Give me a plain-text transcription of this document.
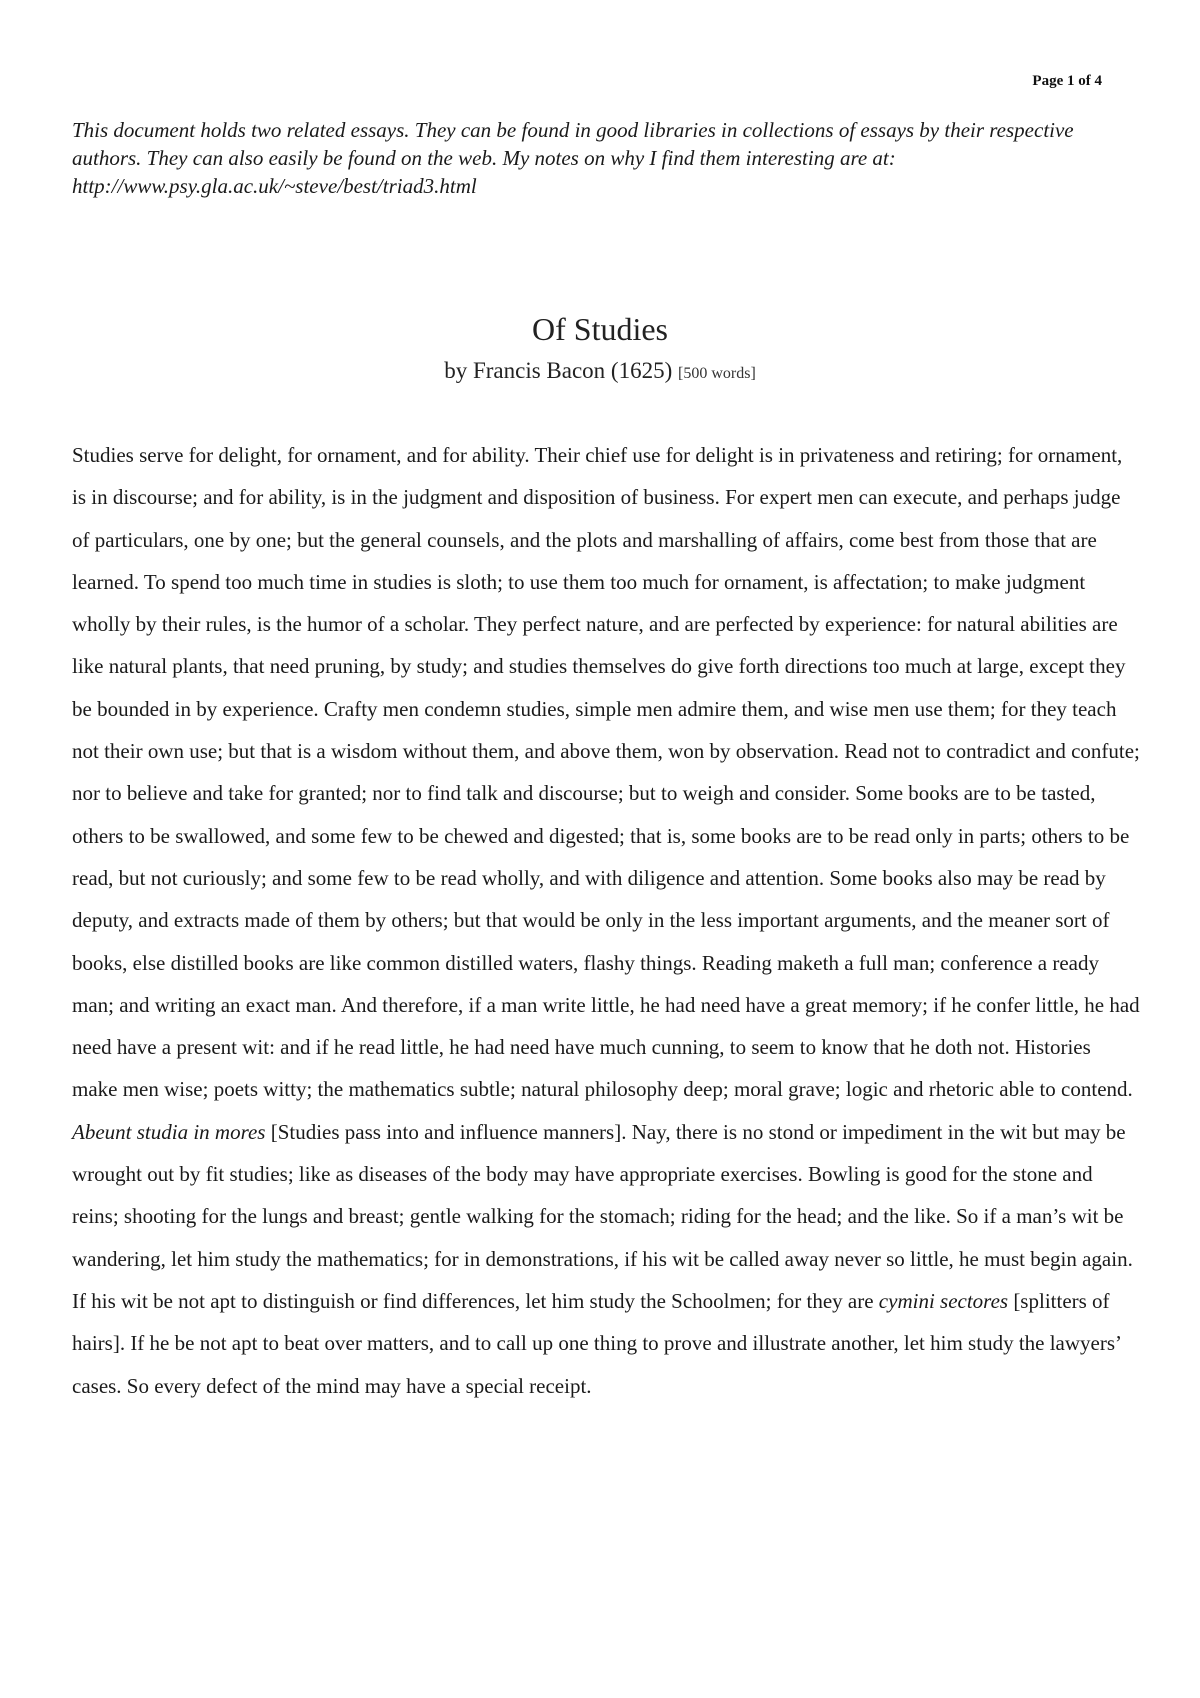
Page 1 of 4

This document holds two related essays. They can be found in good libraries in collections of essays by their respective authors. They can also easily be found on the web. My notes on why I find them interesting are at: http://www.psy.gla.ac.uk/~steve/best/triad3.html

Of Studies

by Francis Bacon (1625) [500 words]

Studies serve for delight, for ornament, and for ability. Their chief use for delight is in privateness and retiring; for ornament, is in discourse; and for ability, is in the judgment and disposition of business. For expert men can execute, and perhaps judge of particulars, one by one; but the general counsels, and the plots and marshalling of affairs, come best from those that are learned. To spend too much time in studies is sloth; to use them too much for ornament, is affectation; to make judgment wholly by their rules, is the humor of a scholar. They perfect nature, and are perfected by experience: for natural abilities are like natural plants, that need pruning, by study; and studies themselves do give forth directions too much at large, except they be bounded in by experience. Crafty men condemn studies, simple men admire them, and wise men use them; for they teach not their own use; but that is a wisdom without them, and above them, won by observation. Read not to contradict and confute; nor to believe and take for granted; nor to find talk and discourse; but to weigh and consider. Some books are to be tasted, others to be swallowed, and some few to be chewed and digested; that is, some books are to be read only in parts; others to be read, but not curiously; and some few to be read wholly, and with diligence and attention. Some books also may be read by deputy, and extracts made of them by others; but that would be only in the less important arguments, and the meaner sort of books, else distilled books are like common distilled waters, flashy things. Reading maketh a full man; conference a ready man; and writing an exact man. And therefore, if a man write little, he had need have a great memory; if he confer little, he had need have a present wit: and if he read little, he had need have much cunning, to seem to know that he doth not. Histories make men wise; poets witty; the mathematics subtle; natural philosophy deep; moral grave; logic and rhetoric able to contend. Abeunt studia in mores [Studies pass into and influence manners]. Nay, there is no stond or impediment in the wit but may be wrought out by fit studies; like as diseases of the body may have appropriate exercises. Bowling is good for the stone and reins; shooting for the lungs and breast; gentle walking for the stomach; riding for the head; and the like. So if a man’s wit be wandering, let him study the mathematics; for in demonstrations, if his wit be called away never so little, he must begin again. If his wit be not apt to distinguish or find differences, let him study the Schoolmen; for they are cymini sectores [splitters of hairs]. If he be not apt to beat over matters, and to call up one thing to prove and illustrate another, let him study the lawyers’ cases. So every defect of the mind may have a special receipt.
